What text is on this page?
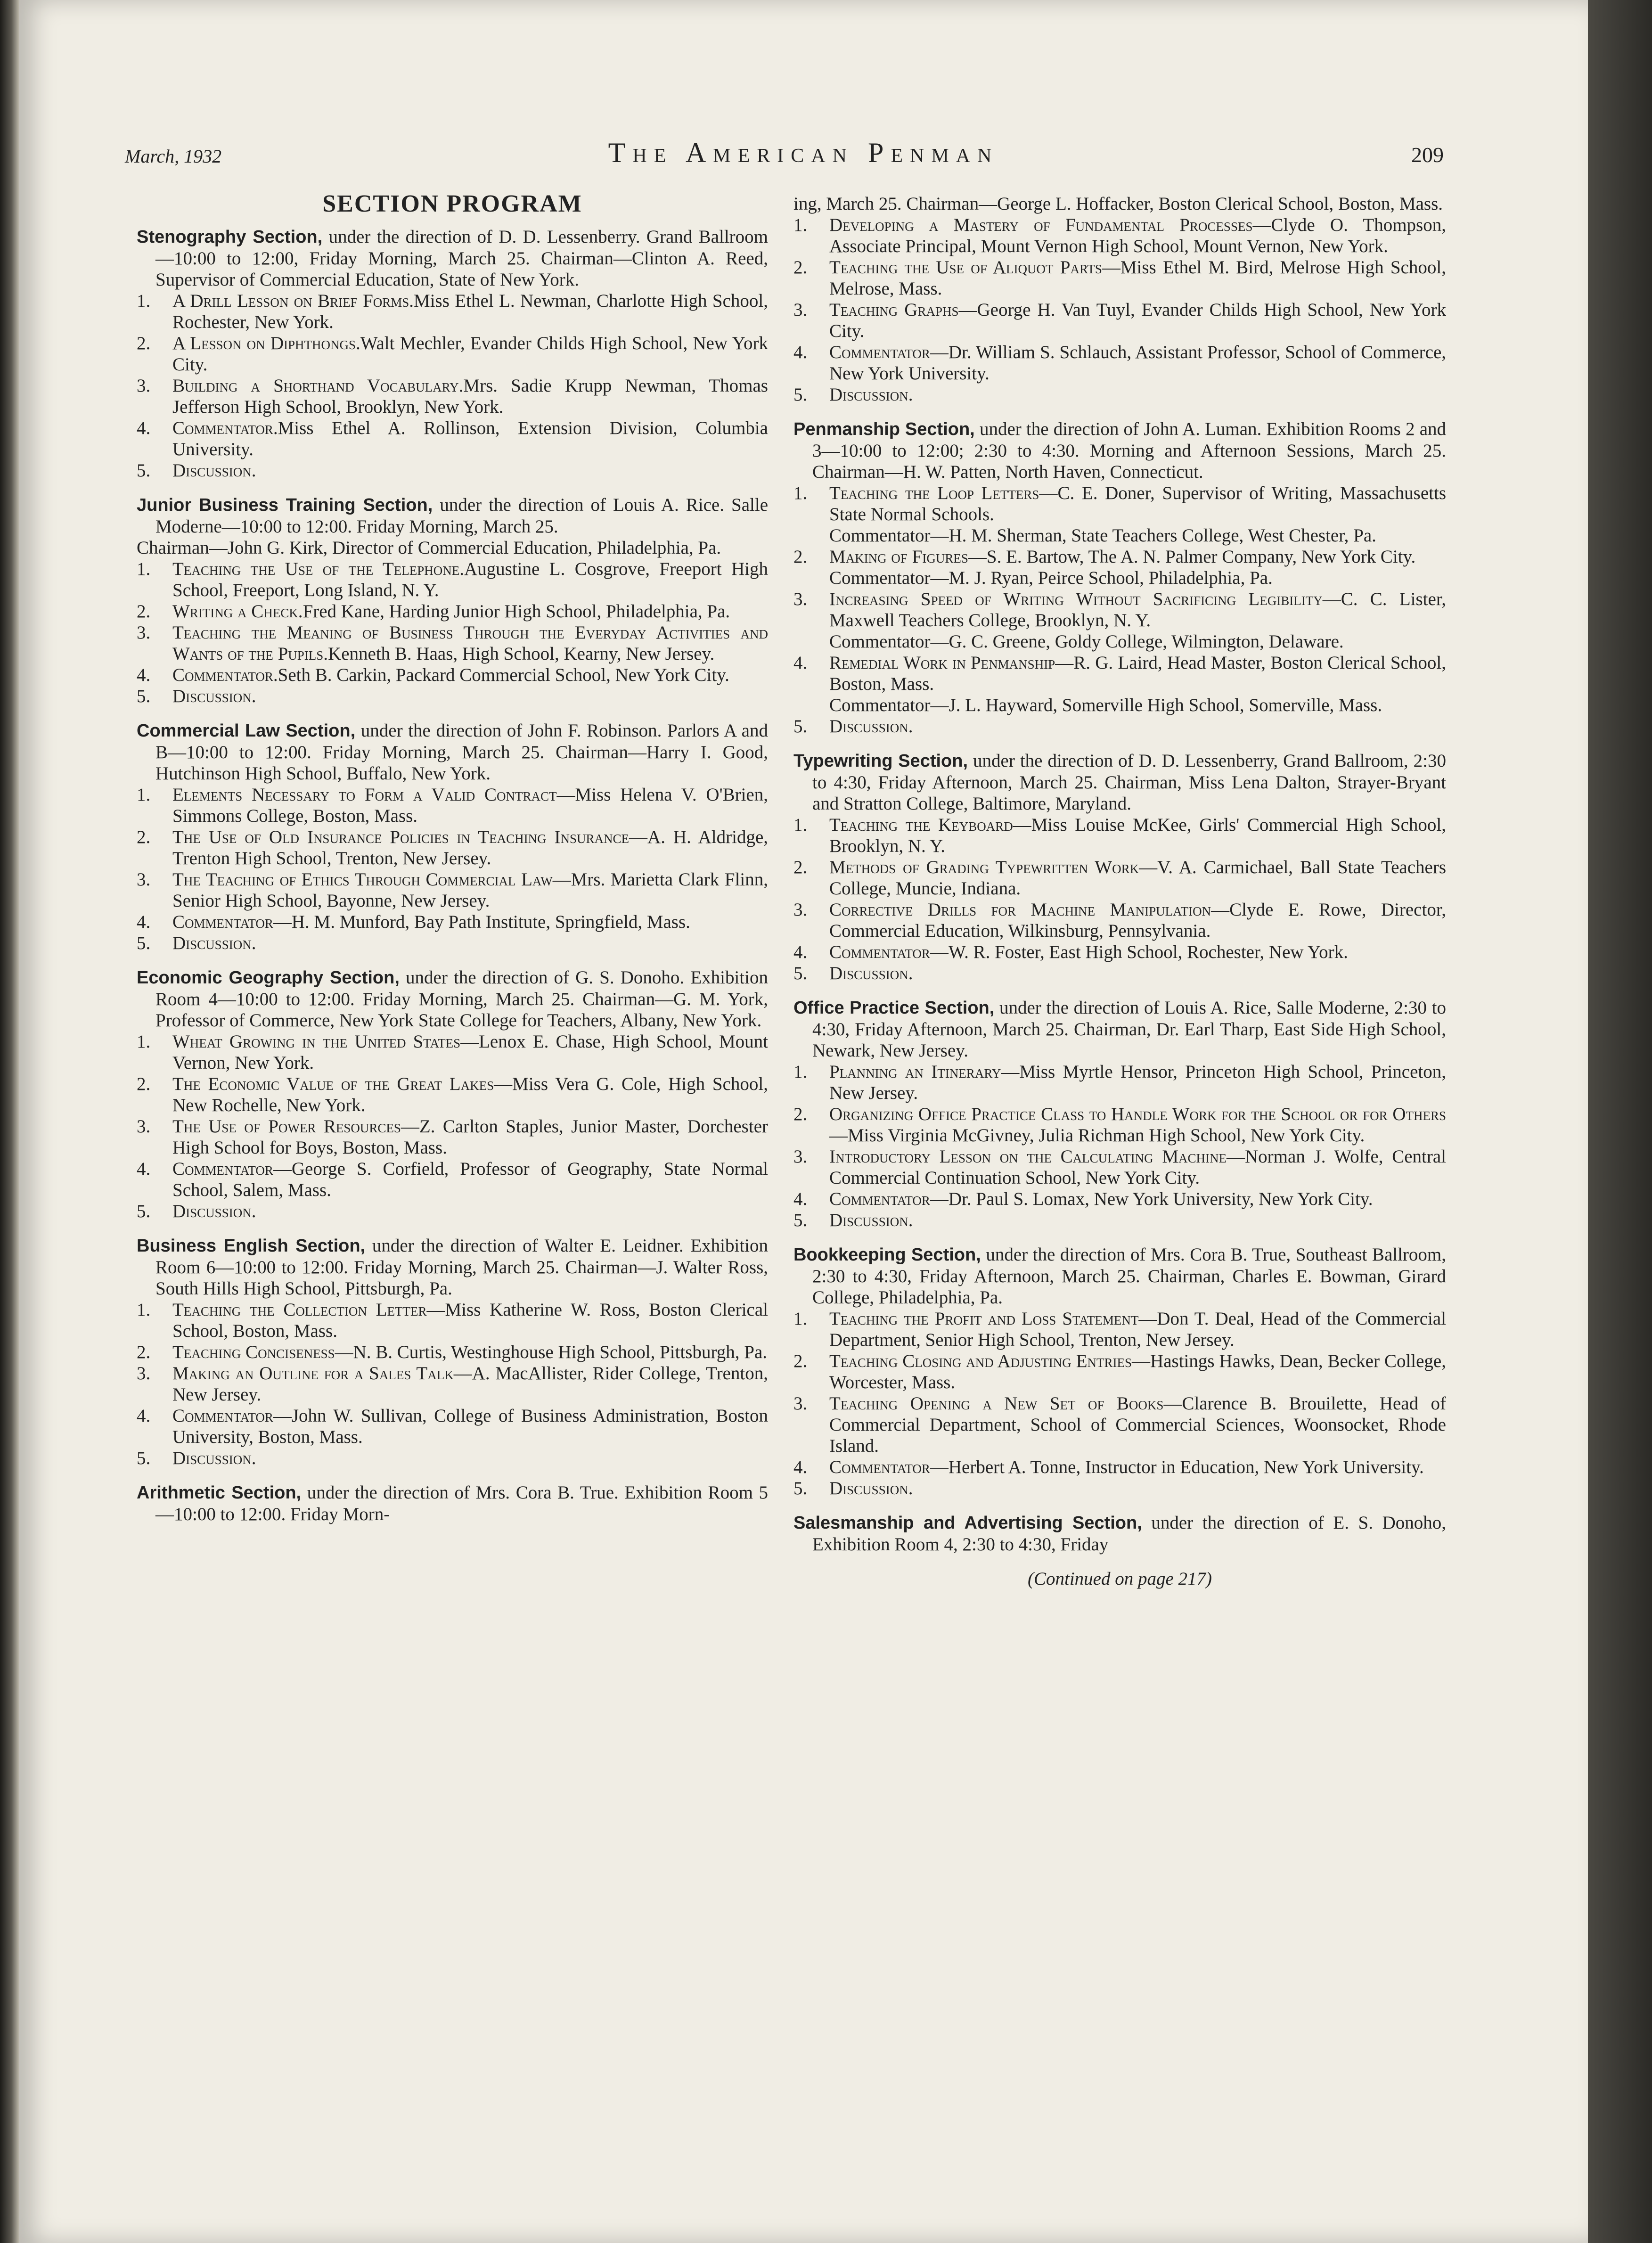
March, 1932	The American Penman	209
SECTION PROGRAM
Stenography Section, under the direction of D. D. Lessenberry. Grand Ballroom—10:00 to 12:00, Friday Morning, March 25. Chairman—Clinton A. Reed, Supervisor of Commercial Education, State of New York.
1. A Drill Lesson on Brief Forms.Miss Ethel L. Newman, Charlotte High School, Rochester, New York.
2. A Lesson on Diphthongs.Walt Mechler, Evander Childs High School, New York City.
3. Building a Shorthand Vocabulary.Mrs. Sadie Krupp Newman, Thomas Jefferson High School, Brooklyn, New York.
4. Commentator.Miss Ethel A. Rollinson, Extension Division, Columbia University.
5. Discussion.
Junior Business Training Section, under the direction of Louis A. Rice. Salle Moderne—10:00 to 12:00. Friday Morning, March 25.
Chairman—John G. Kirk, Director of Commercial Education, Philadelphia, Pa.
1. Teaching the Use of the Telephone.Augustine L. Cosgrove, Freeport High School, Freeport, Long Island, N. Y.
2. Writing a Check.Fred Kane, Harding Junior High School, Philadelphia, Pa.
3. Teaching the Meaning of Business Through the Everyday Activities and Wants of the Pupils.Kenneth B. Haas, High School, Kearny, New Jersey.
4. Commentator.Seth B. Carkin, Packard Commercial School, New York City.
5. Discussion.
Commercial Law Section, under the direction of John F. Robinson. Parlors A and B—10:00 to 12:00. Friday Morning, March 25. Chairman—Harry I. Good, Hutchinson High School, Buffalo, New York.
1. Elements Necessary to Form a Valid Contract—Miss Helena V. O'Brien, Simmons College, Boston, Mass.
2. The Use of Old Insurance Policies in Teaching Insurance—A. H. Aldridge, Trenton High School, Trenton, New Jersey.
3. The Teaching of Ethics Through Commercial Law—Mrs. Marietta Clark Flinn, Senior High School, Bayonne, New Jersey.
4. Commentator—H. M. Munford, Bay Path Institute, Springfield, Mass.
5. Discussion.
Economic Geography Section, under the direction of G. S. Donoho. Exhibition Room 4—10:00 to 12:00. Friday Morning, March 25. Chairman—G. M. York, Professor of Commerce, New York State College for Teachers, Albany, New York.
1. Wheat Growing in the United States—Lenox E. Chase, High School, Mount Vernon, New York.
2. The Economic Value of the Great Lakes—Miss Vera G. Cole, High School, New Rochelle, New York.
3. The Use of Power Resources—Z. Carlton Staples, Junior Master, Dorchester High School for Boys, Boston, Mass.
4. Commentator—George S. Corfield, Professor of Geography, State Normal School, Salem, Mass.
5. Discussion.
Business English Section, under the direction of Walter E. Leidner. Exhibition Room 6—10:00 to 12:00. Friday Morning, March 25. Chairman—J. Walter Ross, South Hills High School, Pittsburgh, Pa.
1. Teaching the Collection Letter—Miss Katherine W. Ross, Boston Clerical School, Boston, Mass.
2. Teaching Conciseness—N. B. Curtis, Westinghouse High School, Pittsburgh, Pa.
3. Making an Outline for a Sales Talk—A. MacAllister, Rider College, Trenton, New Jersey.
4. Commentator—John W. Sullivan, College of Business Administration, Boston University, Boston, Mass.
5. Discussion.
Arithmetic Section, under the direction of Mrs. Cora B. True. Exhibition Room 5—10:00 to 12:00. Friday Morn-
ing, March 25. Chairman—George L. Hoffacker, Boston Clerical School, Boston, Mass.
1. Developing a Mastery of Fundamental Processes—Clyde O. Thompson, Associate Principal, Mount Vernon High School, Mount Vernon, New York.
2. Teaching the Use of Aliquot Parts—Miss Ethel M. Bird, Melrose High School, Melrose, Mass.
3. Teaching Graphs—George H. Van Tuyl, Evander Childs High School, New York City.
4. Commentator—Dr. William S. Schlauch, Assistant Professor, School of Commerce, New York University.
5. Discussion.
Penmanship Section, under the direction of John A. Luman. Exhibition Rooms 2 and 3—10:00 to 12:00; 2:30 to 4:30. Morning and Afternoon Sessions, March 25. Chairman—H. W. Patten, North Haven, Connecticut.
1. Teaching the Loop Letters—C. E. Doner, Supervisor of Writing, Massachusetts State Normal Schools.
Commentator—H. M. Sherman, State Teachers College, West Chester, Pa.
2. Making of Figures—S. E. Bartow, The A. N. Palmer Company, New York City.
Commentator—M. J. Ryan, Peirce School, Philadelphia, Pa.
3. Increasing Speed of Writing Without Sacrificing Legibility—C. C. Lister, Maxwell Teachers College, Brooklyn, N. Y.
Commentator—G. C. Greene, Goldy College, Wilmington, Delaware.
4. Remedial Work in Penmanship—R. G. Laird, Head Master, Boston Clerical School, Boston, Mass.
Commentator—J. L. Hayward, Somerville High School, Somerville, Mass.
5. Discussion.
Typewriting Section, under the direction of D. D. Lessenberry, Grand Ballroom, 2:30 to 4:30, Friday Afternoon, March 25. Chairman, Miss Lena Dalton, Strayer-Bryant and Stratton College, Baltimore, Maryland.
1. Teaching the Keyboard—Miss Louise McKee, Girls' Commercial High School, Brooklyn, N. Y.
2. Methods of Grading Typewritten Work—V. A. Carmichael, Ball State Teachers College, Muncie, Indiana.
3. Corrective Drills for Machine Manipulation—Clyde E. Rowe, Director, Commercial Education, Wilkinsburg, Pennsylvania.
4. Commentator—W. R. Foster, East High School, Rochester, New York.
5. Discussion.
Office Practice Section, under the direction of Louis A. Rice, Salle Moderne, 2:30 to 4:30, Friday Afternoon, March 25. Chairman, Dr. Earl Tharp, East Side High School, Newark, New Jersey.
1. Planning an Itinerary—Miss Myrtle Hensor, Princeton High School, Princeton, New Jersey.
2. Organizing Office Practice Class to Handle Work for the School or for Others—Miss Virginia McGivney, Julia Richman High School, New York City.
3. Introductory Lesson on the Calculating Machine—Norman J. Wolfe, Central Commercial Continuation School, New York City.
4. Commentator—Dr. Paul S. Lomax, New York University, New York City.
5. Discussion.
Bookkeeping Section, under the direction of Mrs. Cora B. True, Southeast Ballroom, 2:30 to 4:30, Friday Afternoon, March 25. Chairman, Charles E. Bowman, Girard College, Philadelphia, Pa.
1. Teaching the Profit and Loss Statement—Don T. Deal, Head of the Commercial Department, Senior High School, Trenton, New Jersey.
2. Teaching Closing and Adjusting Entries—Hastings Hawks, Dean, Becker College, Worcester, Mass.
3. Teaching Opening a New Set of Books—Clarence B. Brouilette, Head of Commercial Department, School of Commercial Sciences, Woonsocket, Rhode Island.
4. Commentator—Herbert A. Tonne, Instructor in Education, New York University.
5. Discussion.
Salesmanship and Advertising Section, under the direction of E. S. Donoho, Exhibition Room 4, 2:30 to 4:30, Friday
(Continued on page 217)
